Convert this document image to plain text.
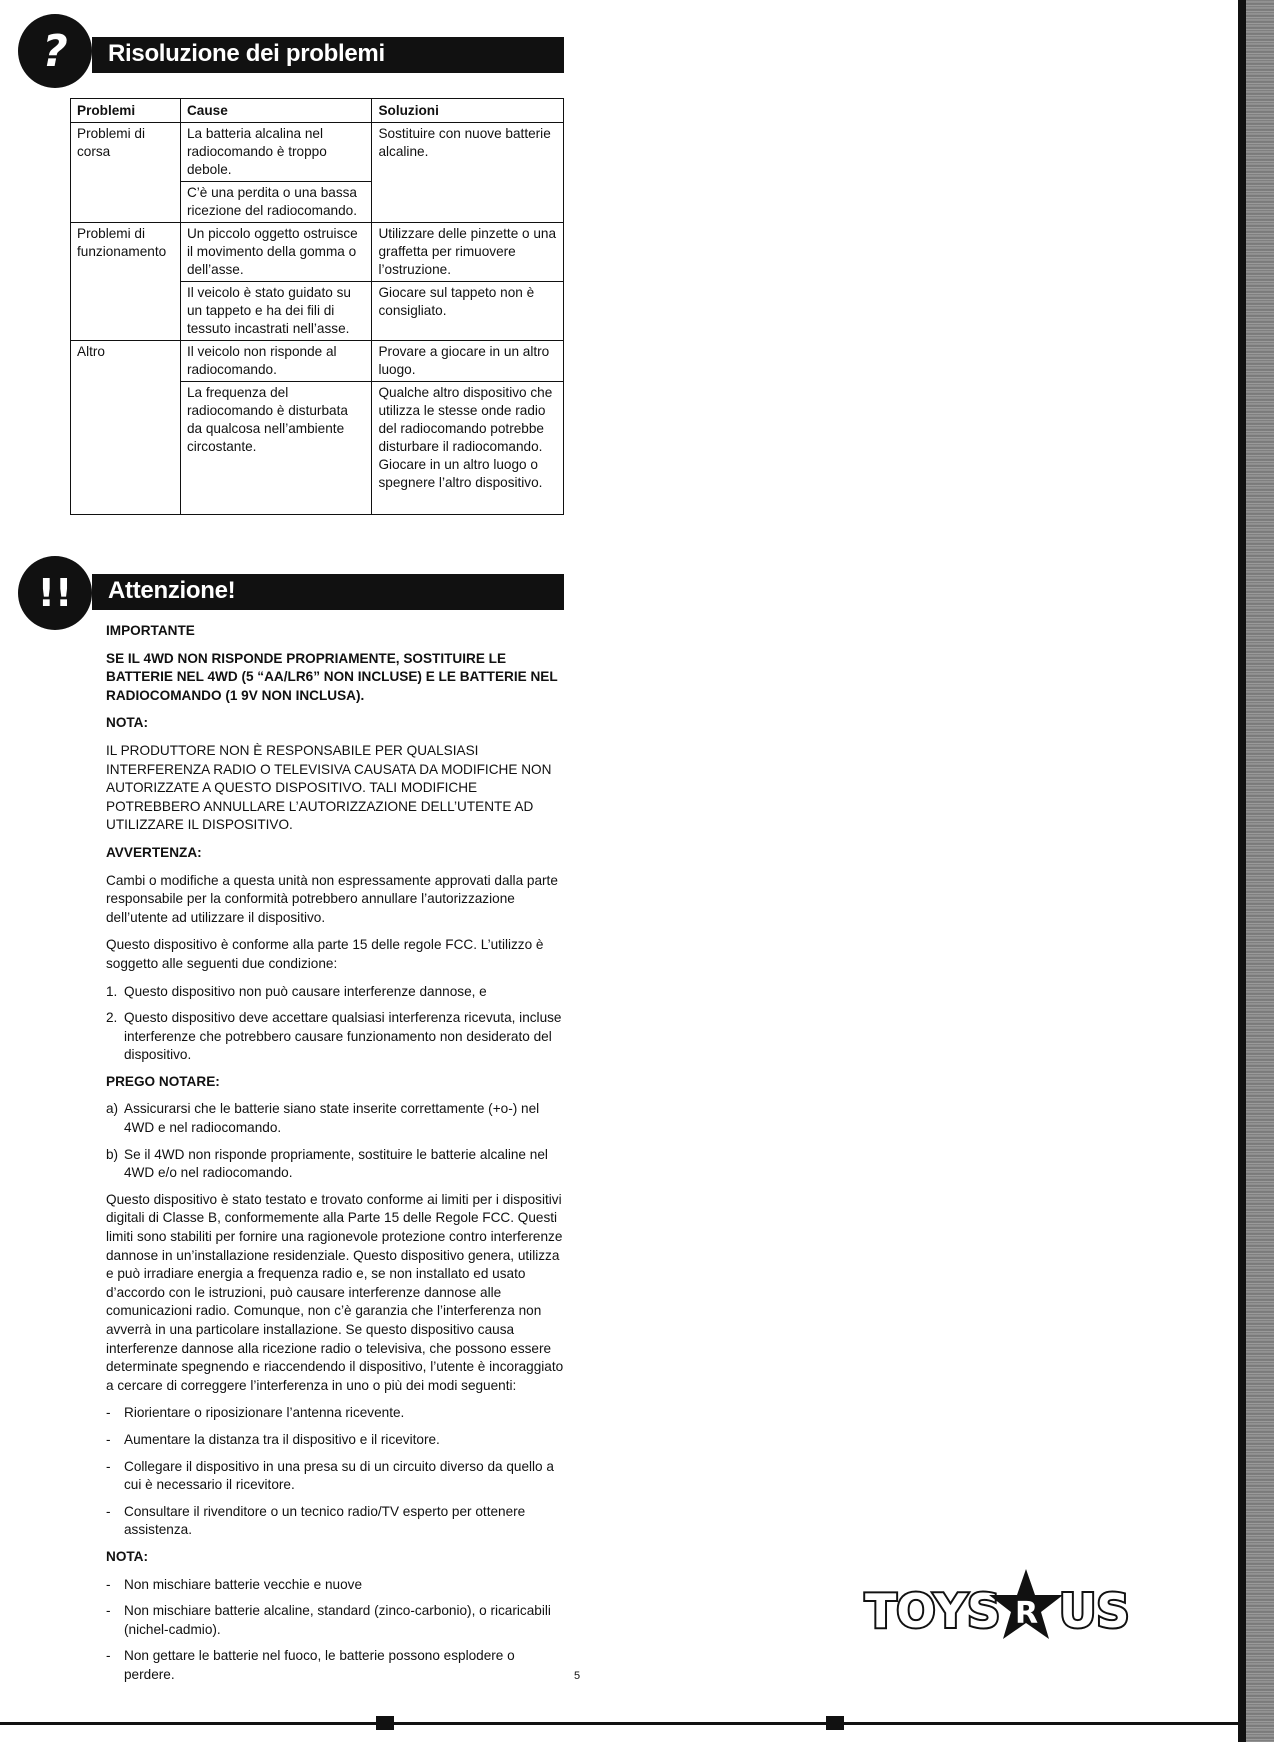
? Risoluzione dei problemi
Problemi	Cause	Soluzioni
Problemi di corsa	La batteria alcalina nel radiocomando è troppo debole.	Sostituire con nuove batterie alcaline.
	C’è una perdita o una bassa ricezione del radiocomando.	
Problemi di funzionamento	Un piccolo oggetto ostruisce il movimento della gomma o dell’asse.	Utilizzare delle pinzette o una graffetta per rimuovere l’ostruzione.
	Il veicolo è stato guidato su un tappeto e ha dei fili di tessuto incastrati nell’asse.	Giocare sul tappeto non è consigliato.
Altro	Il veicolo non risponde al radiocomando.	Provare a giocare in un altro luogo.
	La frequenza del radiocomando è disturbata da qualcosa nell’ambiente circostante.	Qualche altro dispositivo che utilizza le stesse onde radio del radiocomando potrebbe disturbare il radiocomando. Giocare in un altro luogo o spegnere l’altro dispositivo.
!! Attenzione!

IMPORTANTE

SE IL 4WD NON RISPONDE PROPRIAMENTE, SOSTITUIRE LE BATTERIE NEL 4WD (5 “AA/LR6” NON INCLUSE) E LE BATTERIE NEL RADIOCOMANDO (1 9V NON INCLUSA).

NOTA:

IL PRODUTTORE NON È RESPONSABILE PER QUALSIASI INTERFERENZA RADIO O TELEVISIVA CAUSATA DA MODIFICHE NON AUTORIZZATE A QUESTO DISPOSITIVO. TALI MODIFICHE POTREBBERO ANNULLARE L’AUTORIZZAZIONE DELL’UTENTE AD UTILIZZARE IL DISPOSITIVO.

AVVERTENZA:

Cambi o modifiche a questa unità non espressamente approvati dalla parte responsabile per la conformità potrebbero annullare l’autorizzazione dell’utente ad utilizzare il dispositivo.

Questo dispositivo è conforme alla parte 15 delle regole FCC. L’utilizzo è soggetto alle seguenti due condizione:

1. Questo dispositivo non può causare interferenze dannose, e
2. Questo dispositivo deve accettare qualsiasi interferenza ricevuta, incluse interferenze che potrebbero causare funzionamento non desiderato del dispositivo.

PREGO NOTARE:

a) Assicurarsi che le batterie siano state inserite correttamente (+o-) nel 4WD e nel radiocomando.
b) Se il 4WD non risponde propriamente, sostituire le batterie alcaline nel 4WD e/o nel radiocomando.

Questo dispositivo è stato testato e trovato conforme ai limiti per i dispositivi digitali di Classe B, conformemente alla Parte 15 delle Regole FCC. Questi limiti sono stabiliti per fornire una ragionevole protezione contro interferenze dannose in un’installazione residenziale. Questo dispositivo genera, utilizza e può irradiare energia a frequenza radio e, se non installato ed usato d’accordo con le istruzioni, può causare interferenze dannose alle comunicazioni radio. Comunque, non c’è garanzia che l’interferenza non avverrà in una particolare installazione. Se questo dispositivo causa interferenze dannose alla ricezione radio o televisiva, che possono essere determinate spegnendo e riaccendendo il dispositivo, l’utente è incoraggiato a cercare di correggere l’interferenza in uno o più dei modi seguenti:

- Riorientare o riposizionare l’antenna ricevente.
- Aumentare la distanza tra il dispositivo e il ricevitore.
- Collegare il dispositivo in una presa su di un circuito diverso da quello a cui è necessario il ricevitore.
- Consultare il rivenditore o un tecnico radio/TV esperto per ottenere assistenza.

NOTA:

- Non mischiare batterie vecchie e nuove
- Non mischiare batterie alcaline, standard (zinco-carbonio), o ricaricabili (nichel-cadmio).
- Non gettare le batterie nel fuoco, le batterie possono esplodere o perdere.
TOYS R US
5
